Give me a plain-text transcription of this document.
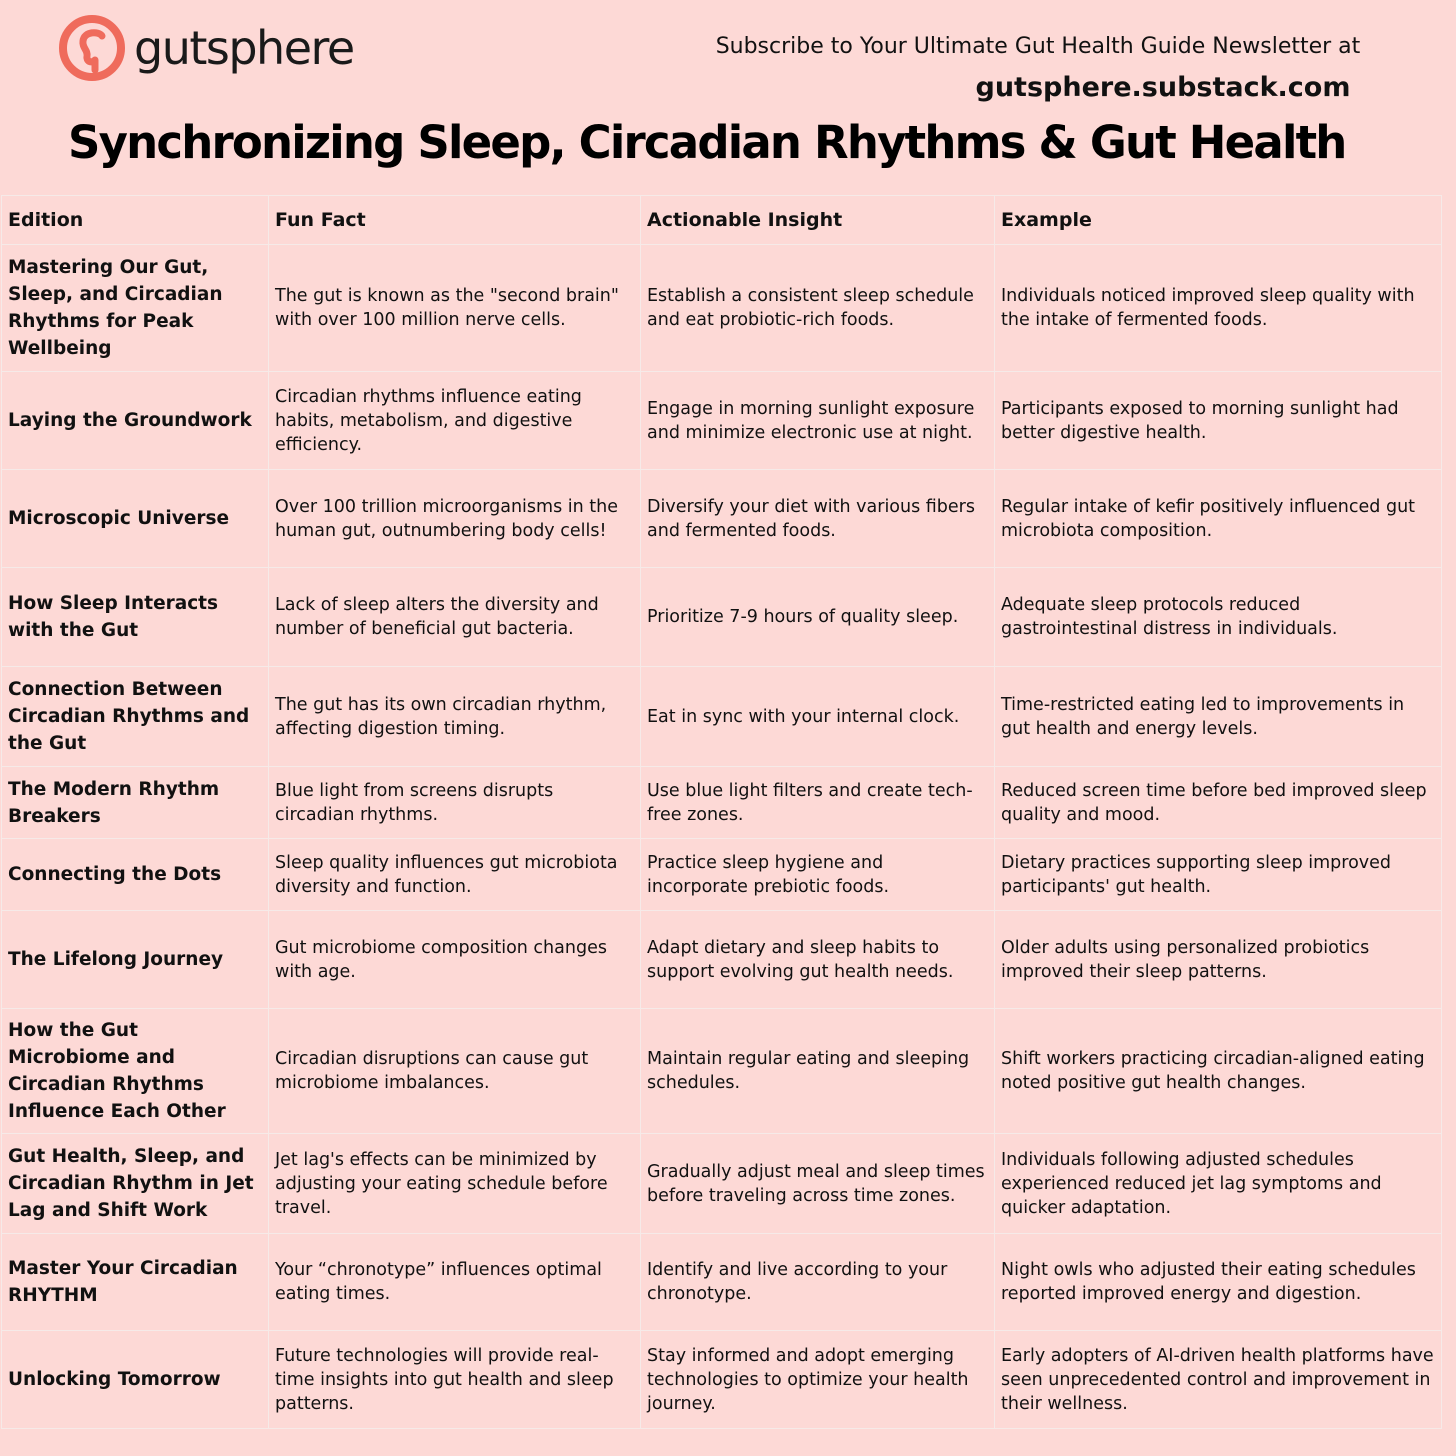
gutsphere	Subscribe to Your Ultimate Gut Health Guide Newsletter at
gutsphere.substack.com
Synchronizing Sleep, Circadian Rhythms & Gut Health
Edition	Fun Fact	Actionable Insight	Example
Mastering Our Gut, Sleep, and Circadian Rhythms for Peak Wellbeing	The gut is known as the "second brain" with over 100 million nerve cells.	Establish a consistent sleep schedule and eat probiotic-rich foods.	Individuals noticed improved sleep quality with the intake of fermented foods.
Laying the Groundwork	Circadian rhythms influence eating habits, metabolism, and digestive efficiency.	Engage in morning sunlight exposure and minimize electronic use at night.	Participants exposed to morning sunlight had better digestive health.
Microscopic Universe	Over 100 trillion microorganisms in the human gut, outnumbering body cells!	Diversify your diet with various fibers and fermented foods.	Regular intake of kefir positively influenced gut microbiota composition.
How Sleep Interacts with the Gut	Lack of sleep alters the diversity and number of beneficial gut bacteria.	Prioritize 7-9 hours of quality sleep.	Adequate sleep protocols reduced gastrointestinal distress in individuals.
Connection Between Circadian Rhythms and the Gut	The gut has its own circadian rhythm, affecting digestion timing.	Eat in sync with your internal clock.	Time-restricted eating led to improvements in gut health and energy levels.
The Modern Rhythm Breakers	Blue light from screens disrupts circadian rhythms.	Use blue light filters and create tech-free zones.	Reduced screen time before bed improved sleep quality and mood.
Connecting the Dots	Sleep quality influences gut microbiota diversity and function.	Practice sleep hygiene and incorporate prebiotic foods.	Dietary practices supporting sleep improved participants' gut health.
The Lifelong Journey	Gut microbiome composition changes with age.	Adapt dietary and sleep habits to support evolving gut health needs.	Older adults using personalized probiotics improved their sleep patterns.
How the Gut Microbiome and Circadian Rhythms Influence Each Other	Circadian disruptions can cause gut microbiome imbalances.	Maintain regular eating and sleeping schedules.	Shift workers practicing circadian-aligned eating noted positive gut health changes.
Gut Health, Sleep, and Circadian Rhythm in Jet Lag and Shift Work	Jet lag's effects can be minimized by adjusting your eating schedule before travel.	Gradually adjust meal and sleep times before traveling across time zones.	Individuals following adjusted schedules experienced reduced jet lag symptoms and quicker adaptation.
Master Your Circadian RHYTHM	Your “chronotype” influences optimal eating times.	Identify and live according to your chronotype.	Night owls who adjusted their eating schedules reported improved energy and digestion.
Unlocking Tomorrow	Future technologies will provide real-time insights into gut health and sleep patterns.	Stay informed and adopt emerging technologies to optimize your health journey.	Early adopters of AI-driven health platforms have seen unprecedented control and improvement in their wellness.
